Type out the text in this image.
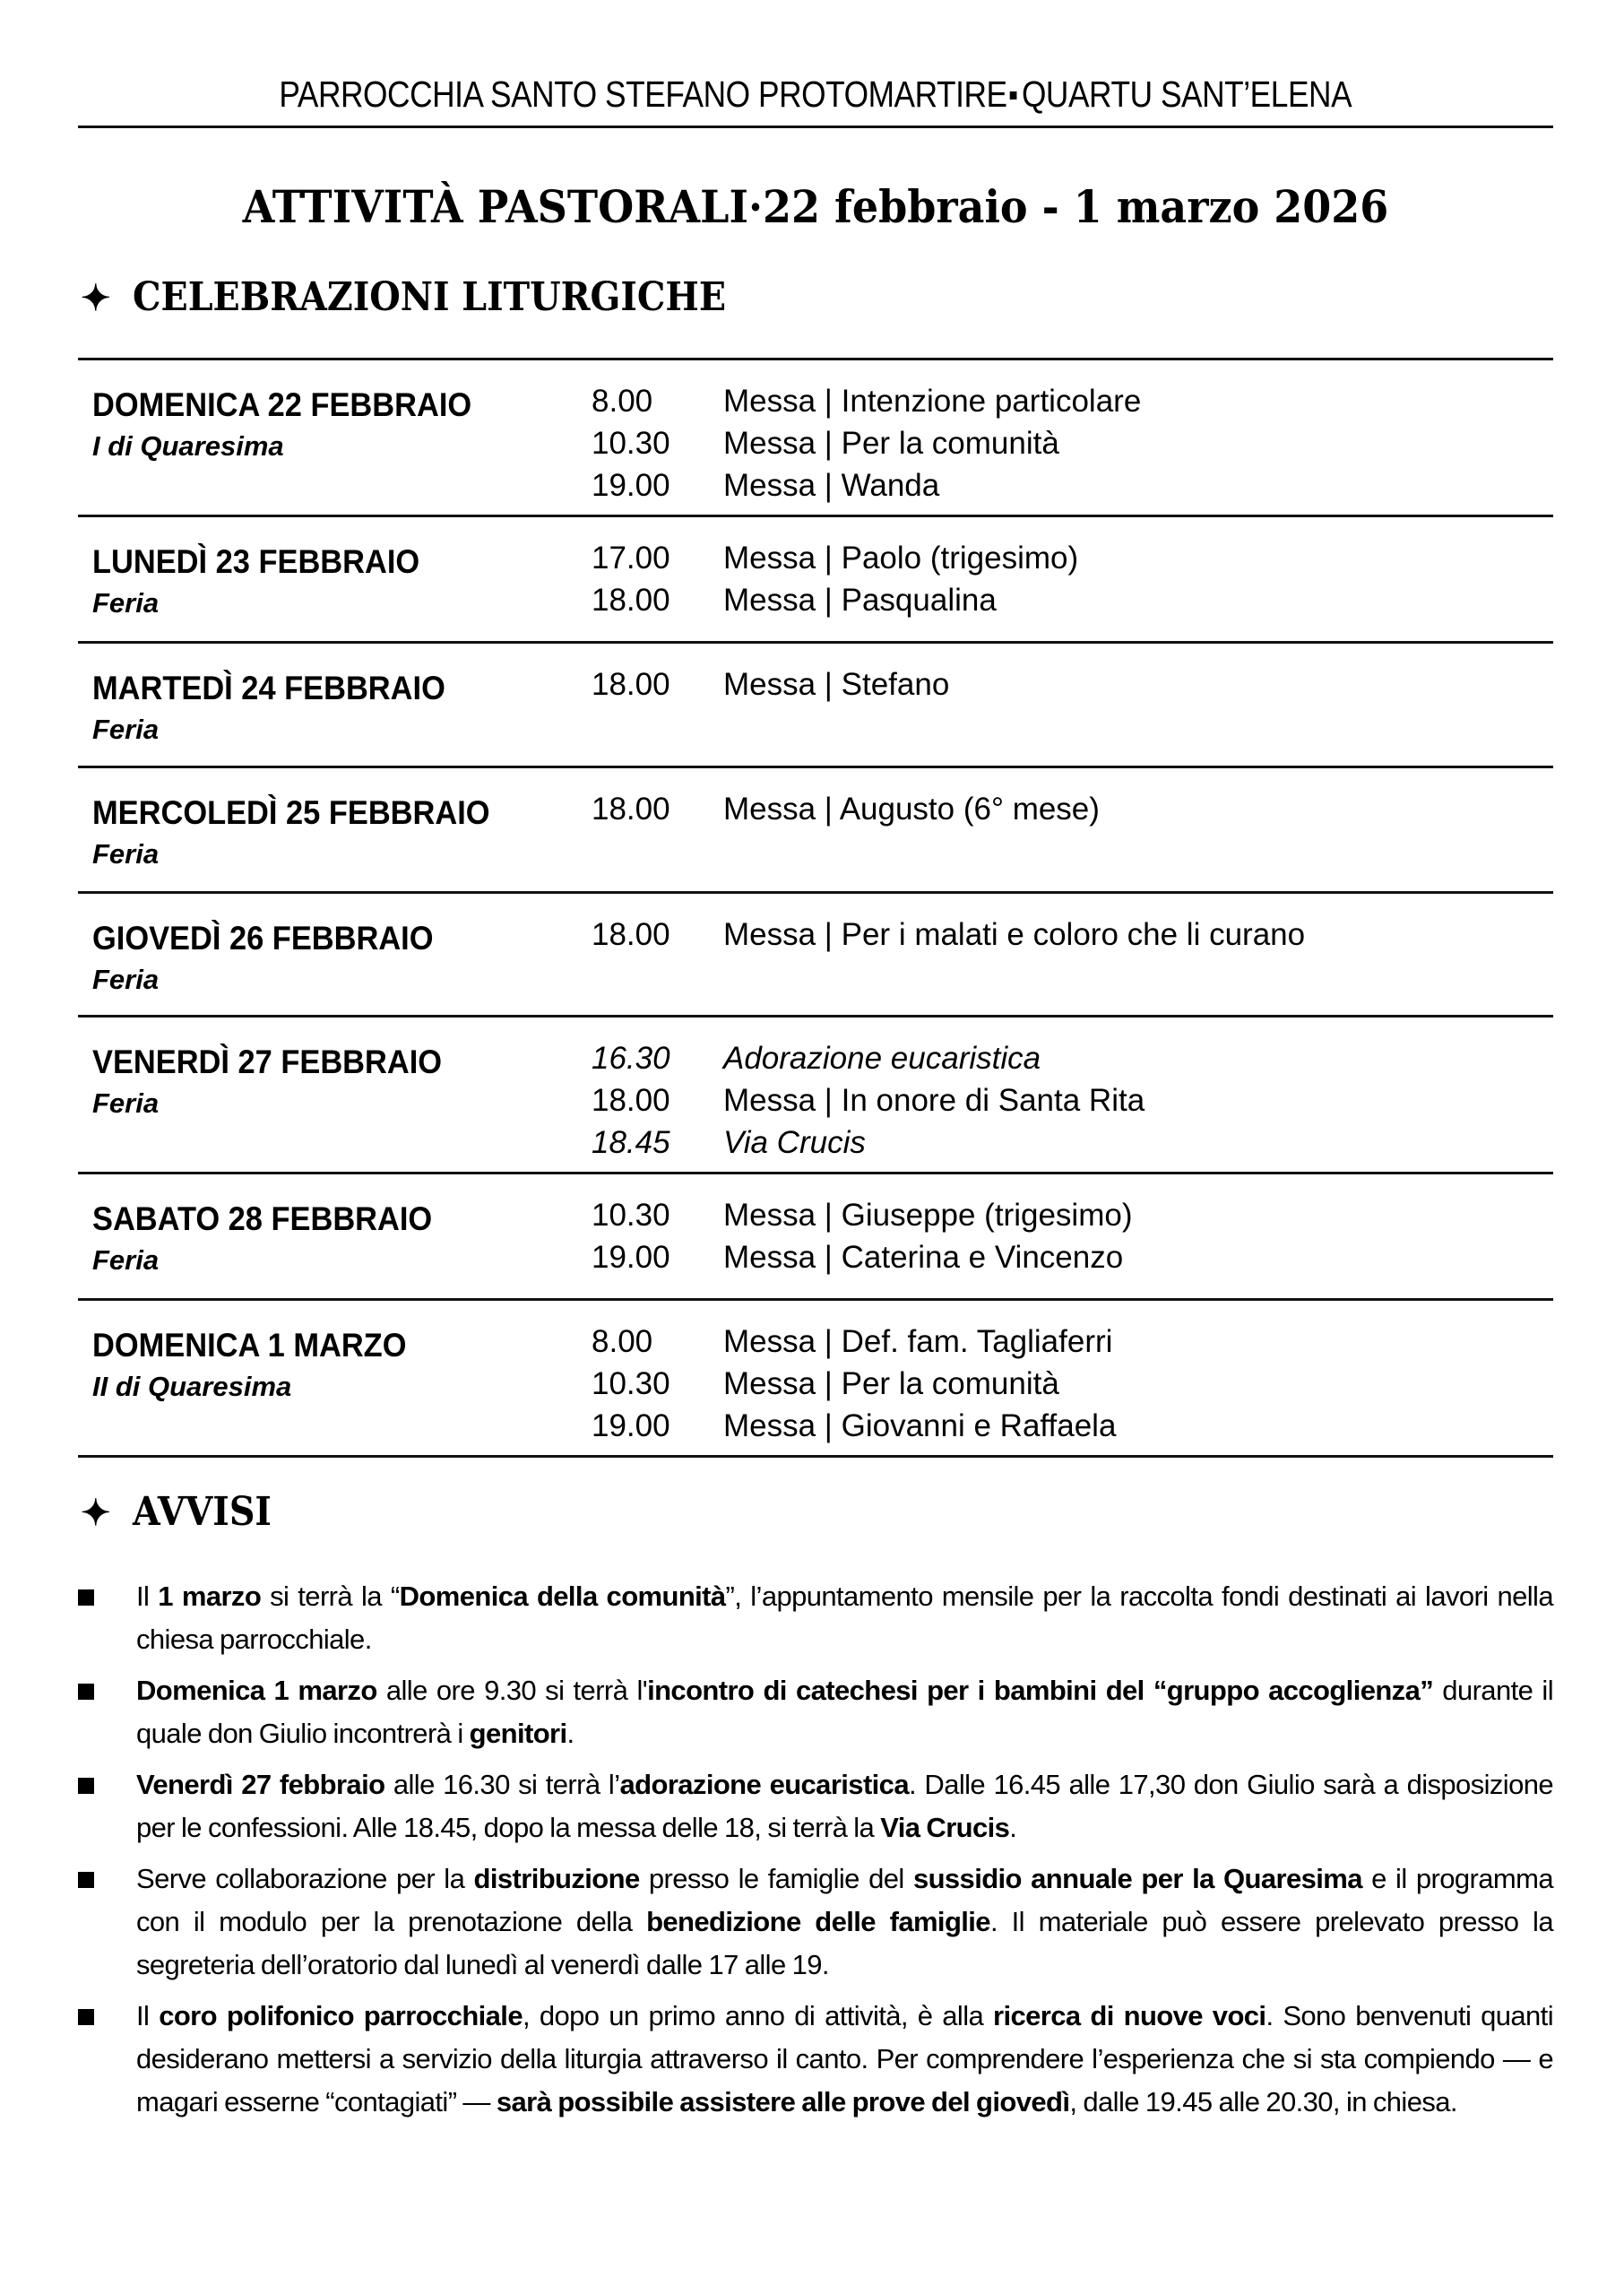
PARROCCHIA SANTO STEFANO PROTOMARTIRE QUARTU SANT’ELENA
ATTIVITÀ PASTORALI·22 febbraio - 1 marzo 2026
✦ CELEBRAZIONI LITURGICHE
DOMENICA 22 FEBBRAIO
I di Quaresima
8.00 Messa | Intenzione particolare
10.30 Messa | Per la comunità
19.00 Messa | Wanda
LUNEDÌ 23 FEBBRAIO
Feria
17.00 Messa | Paolo (trigesimo)
18.00 Messa | Pasqualina
MARTEDÌ 24 FEBBRAIO
Feria
18.00 Messa | Stefano
MERCOLEDÌ 25 FEBBRAIO
Feria
18.00 Messa | Augusto (6° mese)
GIOVEDÌ 26 FEBBRAIO
Feria
18.00 Messa | Per i malati e coloro che li curano
VENERDÌ 27 FEBBRAIO
Feria
16.30 Adorazione eucaristica
18.00 Messa | In onore di Santa Rita
18.45 Via Crucis
SABATO 28 FEBBRAIO
Feria
10.30 Messa | Giuseppe (trigesimo)
19.00 Messa | Caterina e Vincenzo
DOMENICA 1 MARZO
II di Quaresima
8.00 Messa | Def. fam. Tagliaferri
10.30 Messa | Per la comunità
19.00 Messa | Giovanni e Raffaela
✦ AVVISI
Il 1 marzo si terrà la “Domenica della comunità”, l’appuntamento mensile per la raccolta fondi destinati ai lavori nella chiesa parrocchiale.
Domenica 1 marzo alle ore 9.30 si terrà l'incontro di catechesi per i bambini del “gruppo accoglienza” durante il quale don Giulio incontrerà i genitori.
Venerdì 27 febbraio alle 16.30 si terrà l’adorazione eucaristica. Dalle 16.45 alle 17,30 don Giulio sarà a disposizione per le confessioni. Alle 18.45, dopo la messa delle 18, si terrà la Via Crucis.
Serve collaborazione per la distribuzione presso le famiglie del sussidio annuale per la Quaresima e il programma con il modulo per la prenotazione della benedizione delle famiglie. Il materiale può essere prelevato presso la segreteria dell’oratorio dal lunedì al venerdì dalle 17 alle 19.
Il coro polifonico parrocchiale, dopo un primo anno di attività, è alla ricerca di nuove voci. Sono benvenuti quanti desiderano mettersi a servizio della liturgia attraverso il canto. Per comprendere l’esperienza che si sta compiendo — e magari esserne “contagiati” — sarà possibile assistere alle prove del giovedì, dalle 19.45 alle 20.30, in chiesa.
